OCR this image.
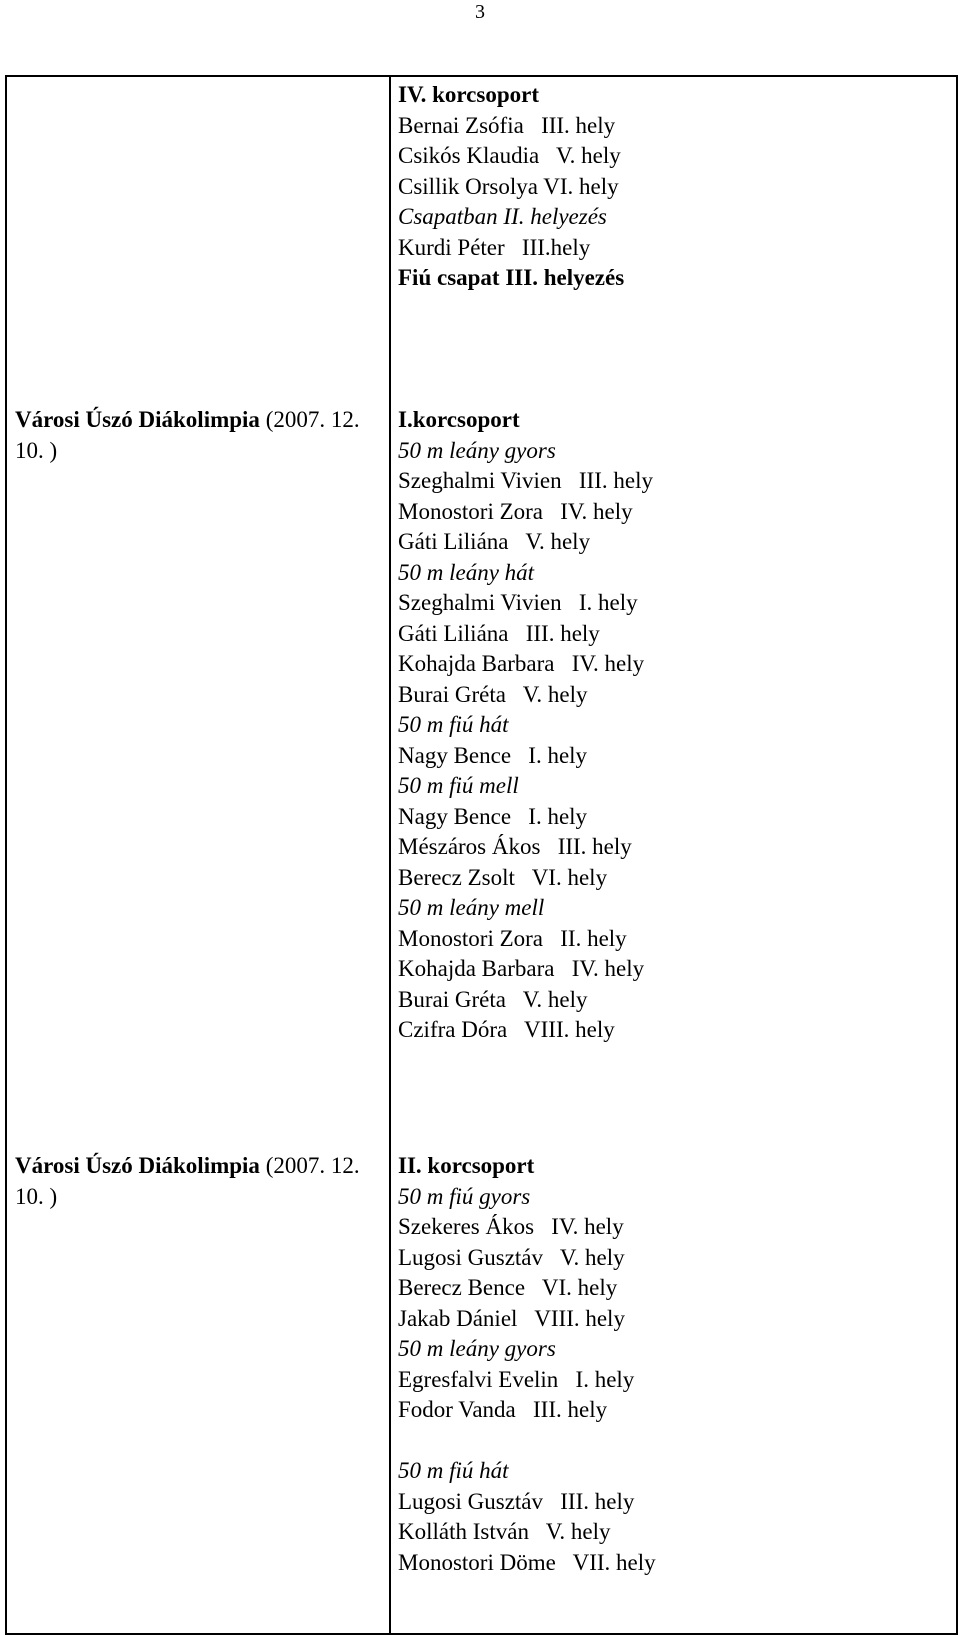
3
IV. korcsoport
Bernai Zsófia   III. hely
Csikós Klaudia   V. hely
Csillik Orsolya VI. hely
Csapatban II. helyezés
Kurdi Péter   III.hely
Fiú csapat III. helyezés
Városi Úszó Diákolimpia (2007. 12. 10. )
I.korcsoport
50 m leány gyors
Szeghalmi Vivien   III. hely
Monostori Zora   IV. hely
Gáti Liliána   V. hely
50 m leány hát
Szeghalmi Vivien   I. hely
Gáti Liliána   III. hely
Kohajda Barbara   IV. hely
Burai Gréta   V. hely
50 m fiú hát
Nagy Bence   I. hely
50 m fiú mell
Nagy Bence   I. hely
Mészáros Ákos   III. hely
Berecz Zsolt   VI. hely
50 m leány mell
Monostori Zora   II. hely
Kohajda Barbara   IV. hely
Burai Gréta   V. hely
Czifra Dóra   VIII. hely
Városi Úszó Diákolimpia (2007. 12. 10. )
II. korcsoport
50 m fiú gyors
Szekeres Ákos   IV. hely
Lugosi Gusztáv   V. hely
Berecz Bence   VI. hely
Jakab Dániel   VIII. hely
50 m leány gyors
Egresfalvi Evelin   I. hely
Fodor Vanda   III. hely
50 m fiú hát
Lugosi Gusztáv   III. hely
Kolláth István   V. hely
Monostori Döme   VII. hely
